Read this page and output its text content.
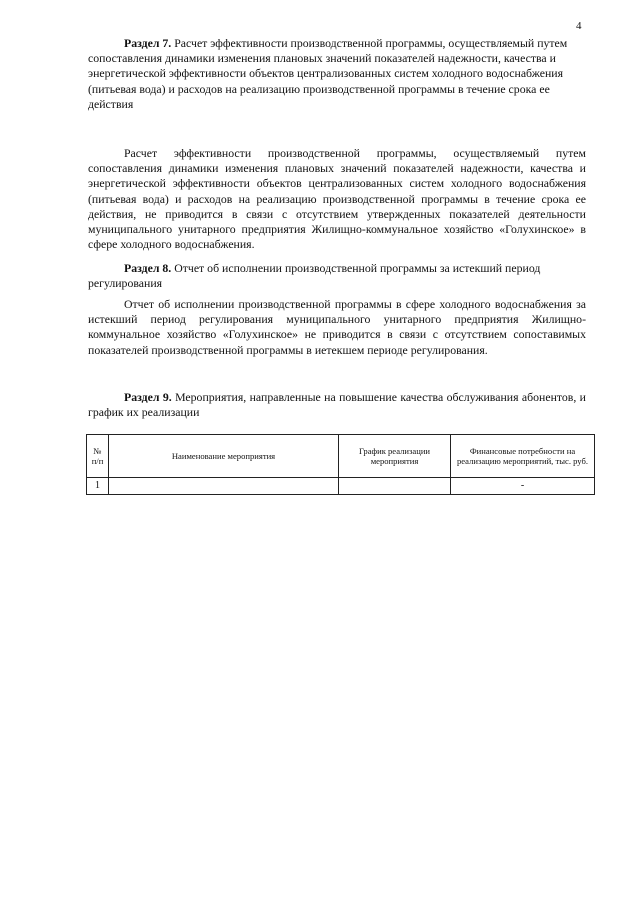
4
Раздел 7. Расчет эффективности производственной программы, осуществляемый путем сопоставления динамики изменения плановых значений показателей надежности, качества и энергетической эффективности объектов централизованных систем холодного водоснабжения (питьевая вода) и расходов на реализацию производственной программы в течение срока ее действия
Расчет эффективности производственной программы, осуществляемый путем сопоставления динамики изменения плановых значений показателей надежности, качества и энергетической эффективности объектов централизованных систем холодного водоснабжения (питьевая вода) и расходов на реализацию производственной программы в течение срока ее действия, не приводится в связи с отсутствием утвержденных показателей деятельности муниципального унитарного предприятия Жилищно-коммунальное хозяйство «Голухинское» в сфере холодного водоснабжения.
Раздел 8. Отчет об исполнении производственной программы за истекший период регулирования
Отчет об исполнении производственной программы в сфере холодного водоснабжения за истекший период регулирования муниципального унитарного предприятия Жилищно-коммунальное хозяйство «Голухинское» не приводится в связи с отсутствием сопоставимых показателей производственной программы в иетекшем периоде регулирования.
Раздел 9. Мероприятия, направленные на повышение качества обслуживания абонентов, и график их реализации
№ п/п	Наименование мероприятия	График реализации мероприятия	Финансовые потребности на реализацию мероприятий, тыс. руб.
1			-
